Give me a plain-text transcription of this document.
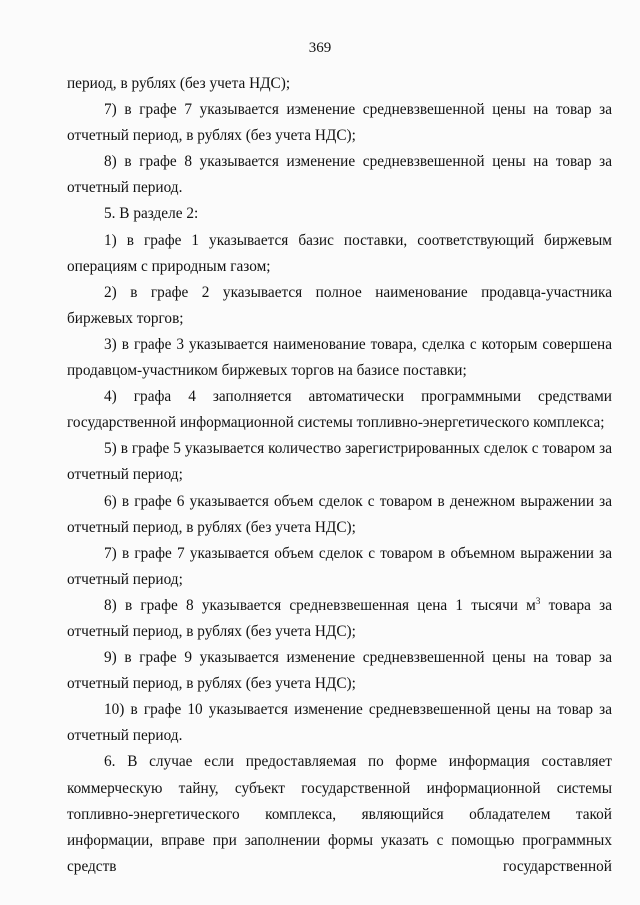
369

период, в рублях (без учета НДС);

7) в графе 7 указывается изменение средневзвешенной цены на товар за отчетный период, в рублях (без учета НДС);

8) в графе 8 указывается изменение средневзвешенной цены на товар за отчетный период.

5. В разделе 2:

1) в графе 1 указывается базис поставки, соответствующий биржевым операциям с природным газом;

2) в графе 2 указывается полное наименование продавца-участника биржевых торгов;

3) в графе 3 указывается наименование товара, сделка с которым совершена продавцом-участником биржевых торгов на базисе поставки;

4) графа 4 заполняется автоматически программными средствами государственной информационной системы топливно-энергетического комплекса;

5) в графе 5 указывается количество зарегистрированных сделок с товаром за отчетный период;

6) в графе 6 указывается объем сделок с товаром в денежном выражении за отчетный период, в рублях (без учета НДС);

7) в графе 7 указывается объем сделок с товаром в объемном выражении за отчетный период;

8) в графе 8 указывается средневзвешенная цена 1 тысячи $м^3$ товара за отчетный период, в рублях (без учета НДС);

9) в графе 9 указывается изменение средневзвешенной цены на товар за отчетный период, в рублях (без учета НДС);

10) в графе 10 указывается изменение средневзвешенной цены на товар за отчетный период.

6. В случае если предоставляемая по форме информация составляет коммерческую тайну, субъект государственной информационной системы топливно-энергетического комплекса, являющийся обладателем такой информации, вправе при заполнении формы указать с помощью программных средств государственной
